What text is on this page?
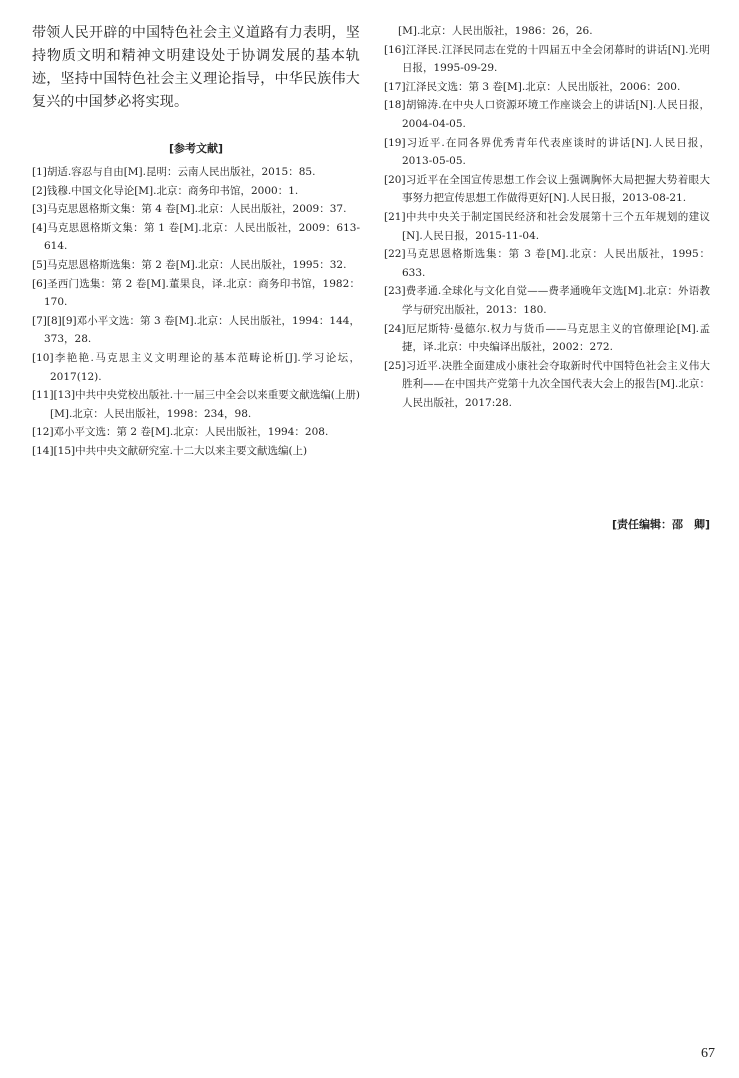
带领人民开辟的中国特色社会主义道路有力表明，坚持物质文明和精神文明建设处于协调发展的基本轨迹，坚持中国特色社会主义理论指导，中华民族伟大复兴的中国梦必将实现。

[参考文献]
[1]胡适.容忍与自由[M].昆明：云南人民出版社，2015：85.
[2]钱穆.中国文化导论[M].北京：商务印书馆，2000：1.
[3]马克思恩格斯文集：第 4 卷[M].北京：人民出版社，2009：37.
[4]马克思恩格斯文集：第 1 卷[M].北京：人民出版社，2009：613-614.
[5]马克思恩格斯选集：第 2 卷[M].北京：人民出版社，1995：32.
[6]圣西门选集：第 2 卷[M].董果良，译.北京：商务印书馆，1982：170.
[7][8][9]邓小平文选：第 3 卷[M].北京：人民出版社，1994：144，373，28.
[10]李艳艳.马克思主义文明理论的基本范畴论析[J].学习论坛，2017(12).
[11][13]中共中央党校出版社.十一届三中全会以来重要文献选编(上册)[M].北京：人民出版社，1998：234，98.
[12]邓小平文选：第 2 卷[M].北京：人民出版社，1994：208.
[14][15]中共中央文献研究室.十二大以来主要文献选编(上)

[M].北京：人民出版社，1986：26，26.

[16]江泽民.江泽民同志在党的十四届五中全会闭幕时的讲话[N].光明日报，1995-09-29.
[17]江泽民文选：第 3 卷[M].北京：人民出版社，2006：200.
[18]胡锦涛.在中央人口资源环境工作座谈会上的讲话[N].人民日报，2004-04-05.
[19]习近平.在同各界优秀青年代表座谈时的讲话[N].人民日报，2013-05-05.
[20]习近平在全国宣传思想工作会议上强调胸怀大局把握大势着眼大事努力把宣传思想工作做得更好[N].人民日报，2013-08-21.
[21]中共中央关于制定国民经济和社会发展第十三个五年规划的建议[N].人民日报，2015-11-04.
[22]马克思恩格斯选集：第 3 卷[M].北京：人民出版社，1995：633.
[23]费孝通.全球化与文化自觉——费孝通晚年文选[M].北京：外语教学与研究出版社，2013：180.
[24]厄尼斯特·曼德尔.权力与货币——马克思主义的官僚理论[M].孟捷，译.北京：中央编译出版社，2002：272.
[25]习近平.决胜全面建成小康社会夺取新时代中国特色社会主义伟大胜利——在中国共产党第十九次全国代表大会上的报告[M].北京：人民出版社，2017:28.
[责任编辑：邵　卿]
67
